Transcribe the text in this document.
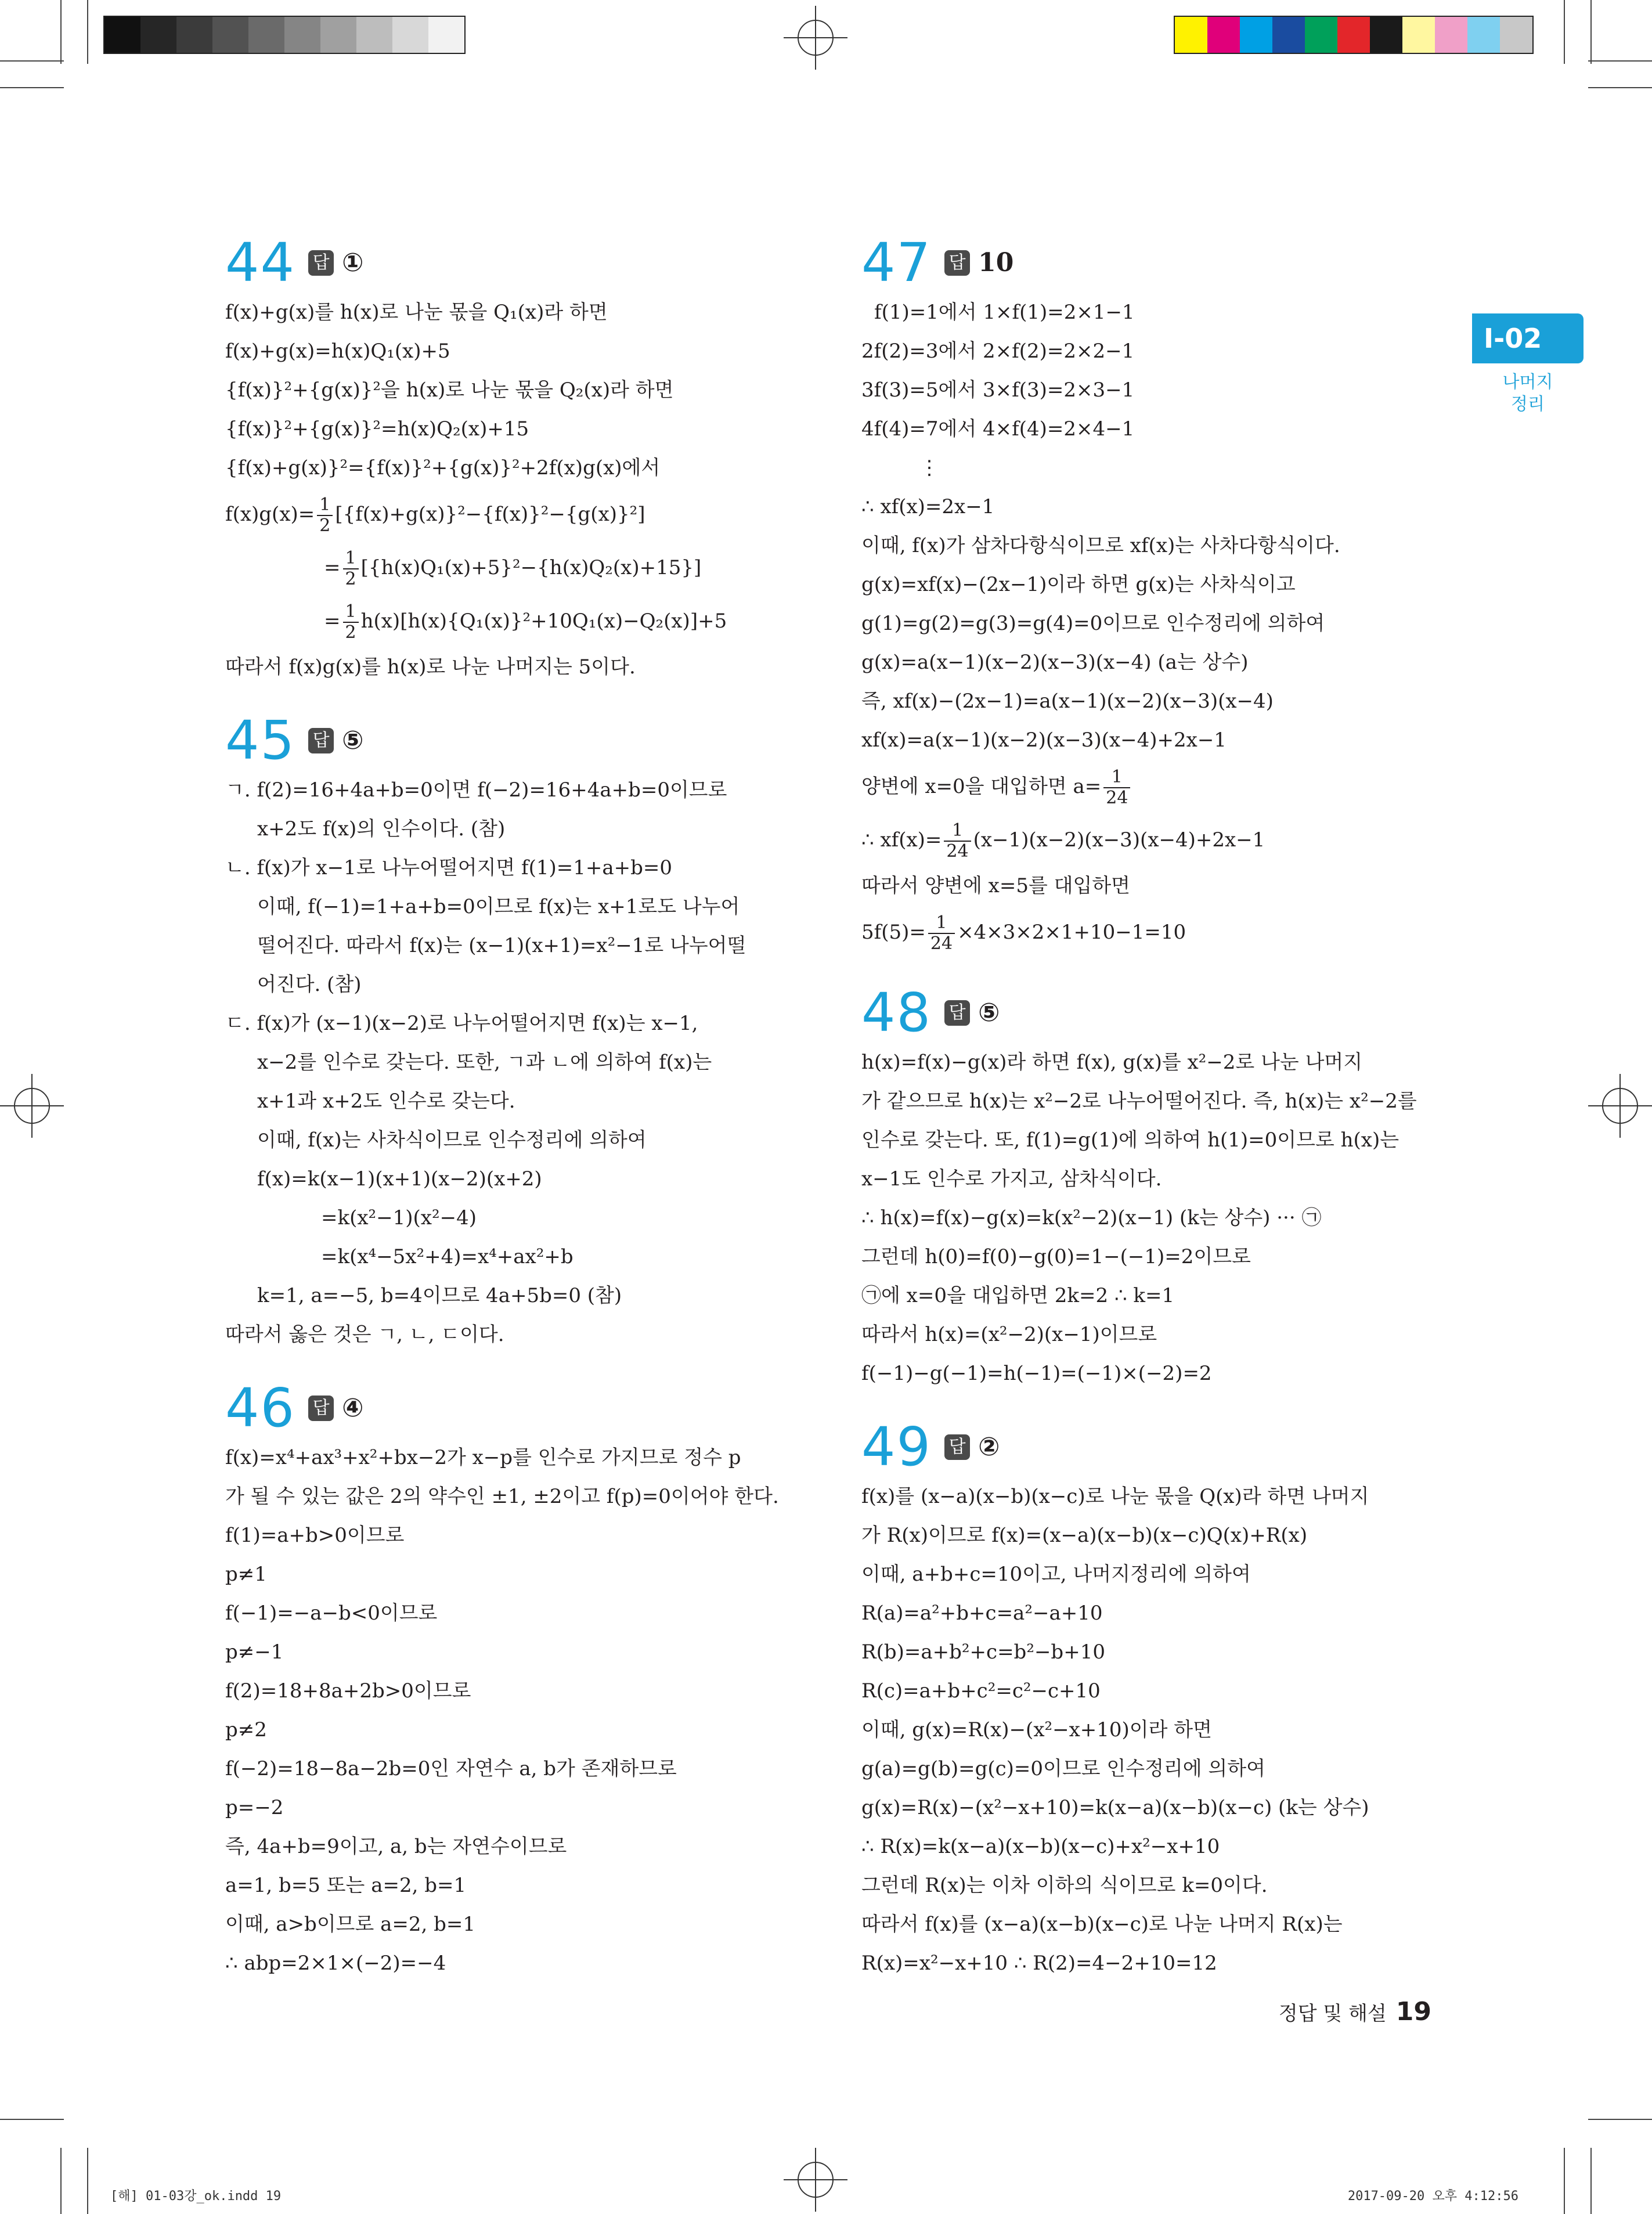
I-02
나머지
정리
44 답 ①
f(x)+g(x)를 h(x)로 나눈 몫을 Q₁(x)라 하면
f(x)+g(x)=h(x)Q₁(x)+5
{f(x)}²+{g(x)}²을 h(x)로 나눈 몫을 Q₂(x)라 하면
{f(x)}²+{g(x)}²=h(x)Q₂(x)+15
{f(x)+g(x)}²={f(x)}²+{g(x)}²+2f(x)g(x)에서
$f(x)g(x)= \frac{1}{2} [\{f(x)+g(x)\}^2-\{f(x)\}^2-\{g(x)\}^2]$
= $\frac{1}{2} [\{h(x)Q_1(x)+5\}^2-\{h(x)Q_2(x)+15\}]$
= $\frac{1}{2} h(x)[h(x)\{Q_1(x)\}^2+10Q_1(x)-Q_2(x)]+5$
따라서 f(x)g(x)를 h(x)로 나눈 나머지는 5이다.
45 답 ⑤
ㄱ. f(2)=16+4a+b=0이면 f(−2)=16+4a+b=0이므로
x+2도 f(x)의 인수이다. (참)
ㄴ. f(x)가 x−1로 나누어떨어지면 f(1)=1+a+b=0
이때, f(−1)=1+a+b=0이므로 f(x)는 x+1로도 나누어
떨어진다. 따라서 f(x)는 (x−1)(x+1)=x²−1로 나누어떨
어진다. (참)
ㄷ. f(x)가 (x−1)(x−2)로 나누어떨어지면 f(x)는 x−1,
x−2를 인수로 갖는다. 또한, ㄱ과 ㄴ에 의하여 f(x)는
x+1과 x+2도 인수로 갖는다.
이때, f(x)는 사차식이므로 인수정리에 의하여
f(x)=k(x−1)(x+1)(x−2)(x+2)
=k(x²−1)(x²−4)
=k(x⁴−5x²+4)=x⁴+ax²+b
k=1, a=−5, b=4이므로 4a+5b=0 (참)
따라서 옳은 것은 ㄱ, ㄴ, ㄷ이다.
46 답 ④
f(x)=x⁴+ax³+x²+bx−2가 x−p를 인수로 가지므로 정수 p
가 될 수 있는 값은 2의 약수인 ±1, ±2이고 f(p)=0이어야 한다.
f(1)=a+b>0이므로
p≠1
f(−1)=−a−b<0이므로
p≠−1
f(2)=18+8a+2b>0이므로
p≠2
f(−2)=18−8a−2b=0인 자연수 a, b가 존재하므로
p=−2
즉, 4a+b=9이고, a, b는 자연수이므로
a=1, b=5 또는 a=2, b=1
이때, a>b이므로 a=2, b=1
∴ abp=2×1×(−2)=−4
47 답 10
f(1)=1에서 1×f(1)=2×1−1
2f(2)=3에서 2×f(2)=2×2−1
3f(3)=5에서 3×f(3)=2×3−1
4f(4)=7에서 4×f(4)=2×4−1
⋮
∴ xf(x)=2x−1
이때, f(x)가 삼차다항식이므로 xf(x)는 사차다항식이다.
g(x)=xf(x)−(2x−1)이라 하면 g(x)는 사차식이고
g(1)=g(2)=g(3)=g(4)=0이므로 인수정리에 의하여
g(x)=a(x−1)(x−2)(x−3)(x−4) (a는 상수)
즉, xf(x)−(2x−1)=a(x−1)(x−2)(x−3)(x−4)
xf(x)=a(x−1)(x−2)(x−3)(x−4)+2x−1
양변에 x=0을 대입하면 $a= \frac{1}{24}$
∴ $xf(x)= \frac{1}{24} (x-1)(x-2)(x-3)(x-4)+2x-1$
따라서 양변에 x=5를 대입하면
$5f(5)= \frac{1}{24} \times 4\times 3\times 2\times 1+10-1=10$
48 답 ⑤
h(x)=f(x)−g(x)라 하면 f(x), g(x)를 x²−2로 나눈 나머지
가 같으므로 h(x)는 x²−2로 나누어떨어진다. 즉, h(x)는 x²−2를
인수로 갖는다. 또, f(1)=g(1)에 의하여 h(1)=0이므로 h(x)는
x−1도 인수로 가지고, 삼차식이다.
∴ h(x)=f(x)−g(x)=k(x²−2)(x−1) (k는 상수) ··· ㉠
그런데 h(0)=f(0)−g(0)=1−(−1)=2이므로
㉠에 x=0을 대입하면 2k=2 ∴ k=1
따라서 h(x)=(x²−2)(x−1)이므로
f(−1)−g(−1)=h(−1)=(−1)×(−2)=2
49 답 ②
f(x)를 (x−a)(x−b)(x−c)로 나눈 몫을 Q(x)라 하면 나머지
가 R(x)이므로 f(x)=(x−a)(x−b)(x−c)Q(x)+R(x)
이때, a+b+c=10이고, 나머지정리에 의하여
R(a)=a²+b+c=a²−a+10
R(b)=a+b²+c=b²−b+10
R(c)=a+b+c²=c²−c+10
이때, g(x)=R(x)−(x²−x+10)이라 하면
g(a)=g(b)=g(c)=0이므로 인수정리에 의하여
g(x)=R(x)−(x²−x+10)=k(x−a)(x−b)(x−c) (k는 상수)
∴ R(x)=k(x−a)(x−b)(x−c)+x²−x+10
그런데 R(x)는 이차 이하의 식이므로 k=0이다.
따라서 f(x)를 (x−a)(x−b)(x−c)로 나눈 나머지 R(x)는
R(x)=x²−x+10 ∴ R(2)=4−2+10=12
정답 및 해설 19
[해] 01-03강_ok.indd 19	2017-09-20 오후 4:12:56
